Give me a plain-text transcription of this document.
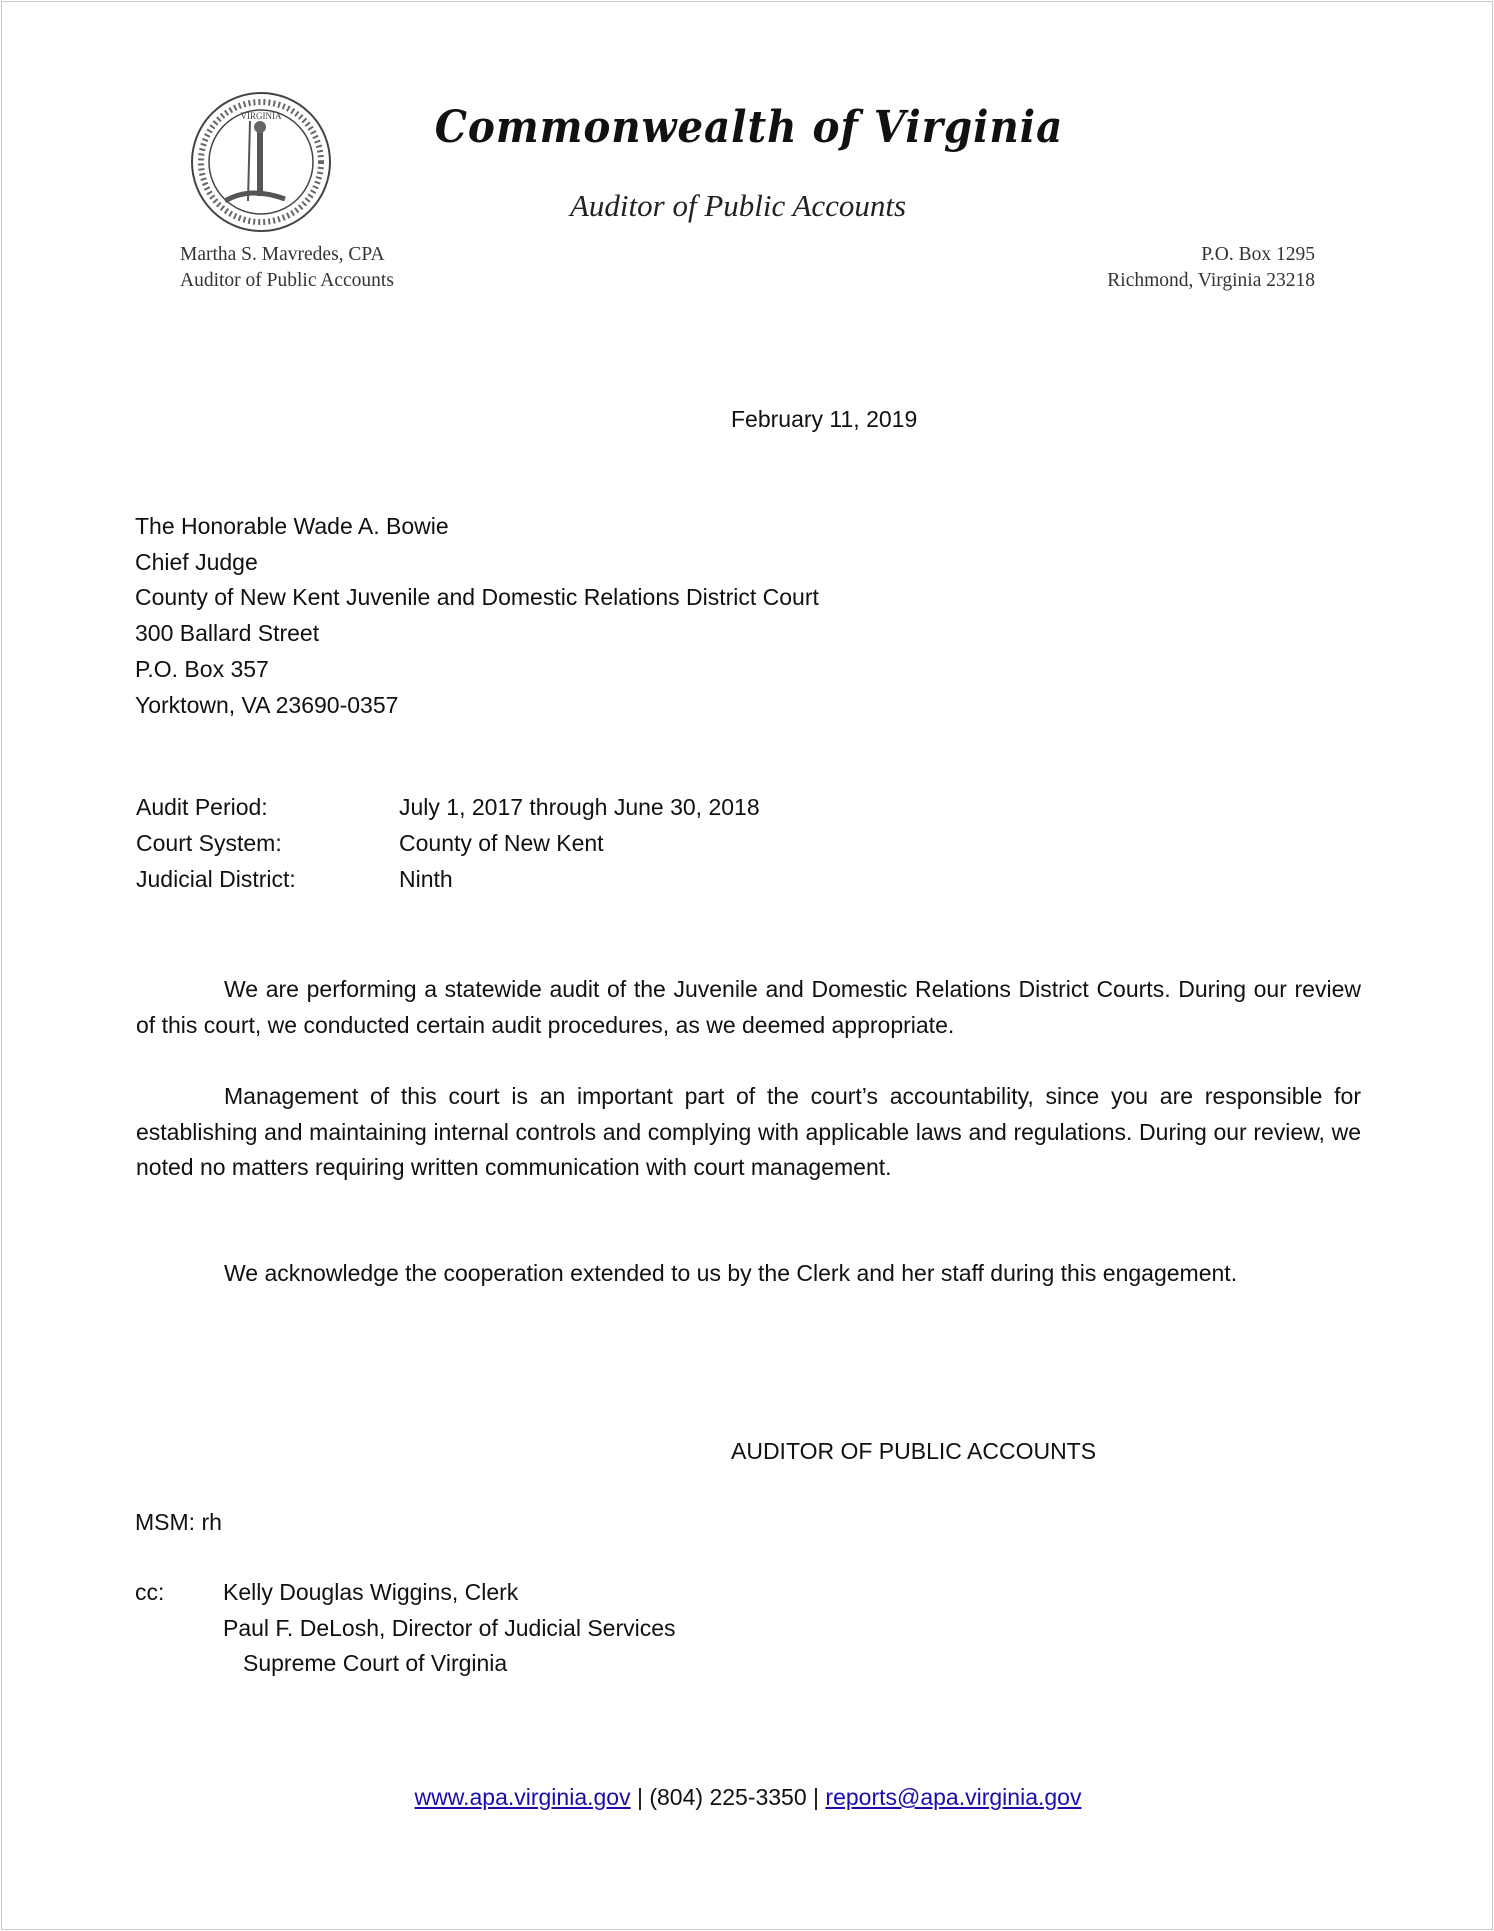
VIRGINIA	Commonwealth of Virginia
Auditor of Public Accounts
Martha S. Mavredes, CPA
Auditor of Public Accounts
P.O. Box 1295
Richmond, Virginia 23218
February 11, 2019
The Honorable Wade A. Bowie
Chief Judge
County of New Kent Juvenile and Domestic Relations District Court
300 Ballard Street
P.O. Box 357
Yorktown, VA 23690-0357
Audit Period:	July 1, 2017 through June 30, 2018
Court System:	County of New Kent
Judicial District:	Ninth
We are performing a statewide audit of the Juvenile and Domestic Relations District Courts. During our review of this court, we conducted certain audit procedures, as we deemed appropriate.
Management of this court is an important part of the court’s accountability, since you are responsible for establishing and maintaining internal controls and complying with applicable laws and regulations. During our review, we noted no matters requiring written communication with court management.
We acknowledge the cooperation extended to us by the Clerk and her staff during this engagement.
AUDITOR OF PUBLIC ACCOUNTS
MSM: rh
cc:	Kelly Douglas Wiggins, Clerk
Paul F. DeLosh, Director of Judicial Services
Supreme Court of Virginia
www.apa.virginia.gov | (804) 225-3350 | reports@apa.virginia.gov
